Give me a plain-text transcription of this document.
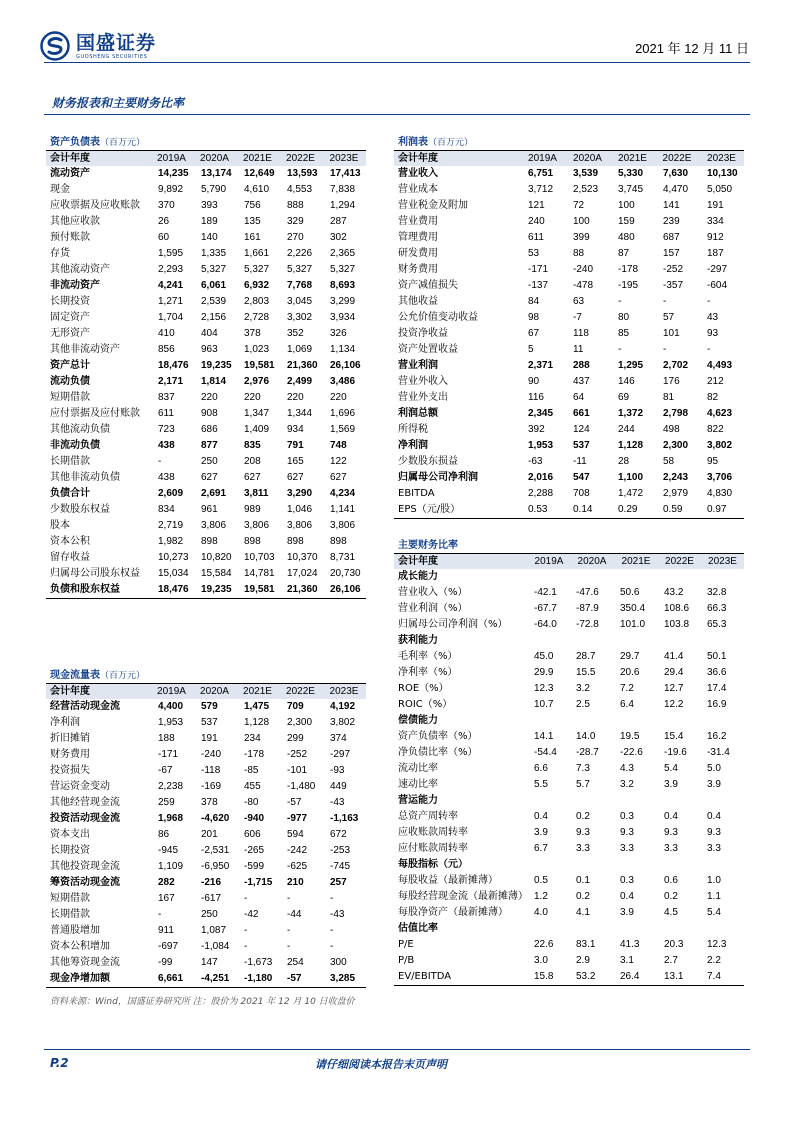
国盛证券
GUOSHENG SECURITIES
2021 年 12 月 11 日
财务报表和主要财务比率
资产负债表（百万元）
会计年度	2019A	2020A	2021E	2022E	2023E
流动资产	14,235	13,174	12,649	13,593	17,413
现金	9,892	5,790	4,610	4,553	7,838
应收票据及应收账款	370	393	756	888	1,294
其他应收款	26	189	135	329	287
预付账款	60	140	161	270	302
存货	1,595	1,335	1,661	2,226	2,365
其他流动资产	2,293	5,327	5,327	5,327	5,327
非流动资产	4,241	6,061	6,932	7,768	8,693
长期投资	1,271	2,539	2,803	3,045	3,299
固定资产	1,704	2,156	2,728	3,302	3,934
无形资产	410	404	378	352	326
其他非流动资产	856	963	1,023	1,069	1,134
资产总计	18,476	19,235	19,581	21,360	26,106
流动负债	2,171	1,814	2,976	2,499	3,486
短期借款	837	220	220	220	220
应付票据及应付账款	611	908	1,347	1,344	1,696
其他流动负债	723	686	1,409	934	1,569
非流动负债	438	877	835	791	748
长期借款	-	250	208	165	122
其他非流动负债	438	627	627	627	627
负债合计	2,609	2,691	3,811	3,290	4,234
少数股东权益	834	961	989	1,046	1,141
股本	2,719	3,806	3,806	3,806	3,806
资本公积	1,982	898	898	898	898
留存收益	10,273	10,820	10,703	10,370	8,731
归属母公司股东权益	15,034	15,584	14,781	17,024	20,730
负债和股东权益	18,476	19,235	19,581	21,360	26,106
利润表（百万元）
会计年度	2019A	2020A	2021E	2022E	2023E
营业收入	6,751	3,539	5,330	7,630	10,130
营业成本	3,712	2,523	3,745	4,470	5,050
营业税金及附加	121	72	100	141	191
营业费用	240	100	159	239	334
管理费用	611	399	480	687	912
研发费用	53	88	87	157	187
财务费用	-171	-240	-178	-252	-297
资产减值损失	-137	-478	-195	-357	-604
其他收益	84	63	-	-	-
公允价值变动收益	98	-7	80	57	43
投资净收益	67	118	85	101	93
资产处置收益	5	11	-	-	-
营业利润	2,371	288	1,295	2,702	4,493
营业外收入	90	437	146	176	212
营业外支出	116	64	69	81	82
利润总额	2,345	661	1,372	2,798	4,623
所得税	392	124	244	498	822
净利润	1,953	537	1,128	2,300	3,802
少数股东损益	-63	-11	28	58	95
归属母公司净利润	2,016	547	1,100	2,243	3,706
EBITDA	2,288	708	1,472	2,979	4,830
EPS（元/股）	0.53	0.14	0.29	0.59	0.97
主要财务比率
会计年度	2019A	2020A	2021E	2022E	2023E
成长能力
营业收入（%）	-42.1	-47.6	50.6	43.2	32.8
营业利润（%）	-67.7	-87.9	350.4	108.6	66.3
归属母公司净利润（%）	-64.0	-72.8	101.0	103.8	65.3
获利能力
毛利率（%）	45.0	28.7	29.7	41.4	50.1
净利率（%）	29.9	15.5	20.6	29.4	36.6
ROE（%）	12.3	3.2	7.2	12.7	17.4
ROIC（%）	10.7	2.5	6.4	12.2	16.9
偿债能力
资产负债率（%）	14.1	14.0	19.5	15.4	16.2
净负债比率（%）	-54.4	-28.7	-22.6	-19.6	-31.4
流动比率	6.6	7.3	4.3	5.4	5.0
速动比率	5.5	5.7	3.2	3.9	3.9
营运能力
总资产周转率	0.4	0.2	0.3	0.4	0.4
应收账款周转率	3.9	9.3	9.3	9.3	9.3
应付账款周转率	6.7	3.3	3.3	3.3	3.3
每股指标（元）
每股收益（最新摊薄）	0.5	0.1	0.3	0.6	1.0
每股经营现金流（最新摊薄） 1.2	0.2	0.4	0.2	1.1
每股净资产（最新摊薄）	4.0	4.1	3.9	4.5	5.4
估值比率
P/E	22.6	83.1	41.3	20.3	12.3
P/B	3.0	2.9	3.1	2.7	2.2
EV/EBITDA	15.8	53.2	26.4	13.1	7.4
现金流量表（百万元）
会计年度	2019A	2020A	2021E	2022E	2023E
经营活动现金流	4,400	579	1,475	709	4,192
净利润	1,953	537	1,128	2,300	3,802
折旧摊销	188	191	234	299	374
财务费用	-171	-240	-178	-252	-297
投资损失	-67	-118	-85	-101	-93
营运资金变动	2,238	-169	455	-1,480	449
其他经营现金流	259	378	-80	-57	-43
投资活动现金流	1,968	-4,620	-940	-977	-1,163
资本支出	86	201	606	594	672
长期投资	-945	-2,531	-265	-242	-253
其他投资现金流	1,109	-6,950	-599	-625	-745
筹资活动现金流	282	-216	-1,715	210	257
短期借款	167	-617	-	-	-
长期借款	-	250	-42	-44	-43
普通股增加	911	1,087	-	-	-
资本公积增加	-697	-1,084	-	-	-
其他筹资现金流	-99	147	-1,673	254	300
现金净增加额	6,661	-4,251	-1,180	-57	3,285
资料来源：Wind，国盛证券研究所 注：股价为 2021 年 12 月 10 日收盘价
P.2	请仔细阅读本报告末页声明
